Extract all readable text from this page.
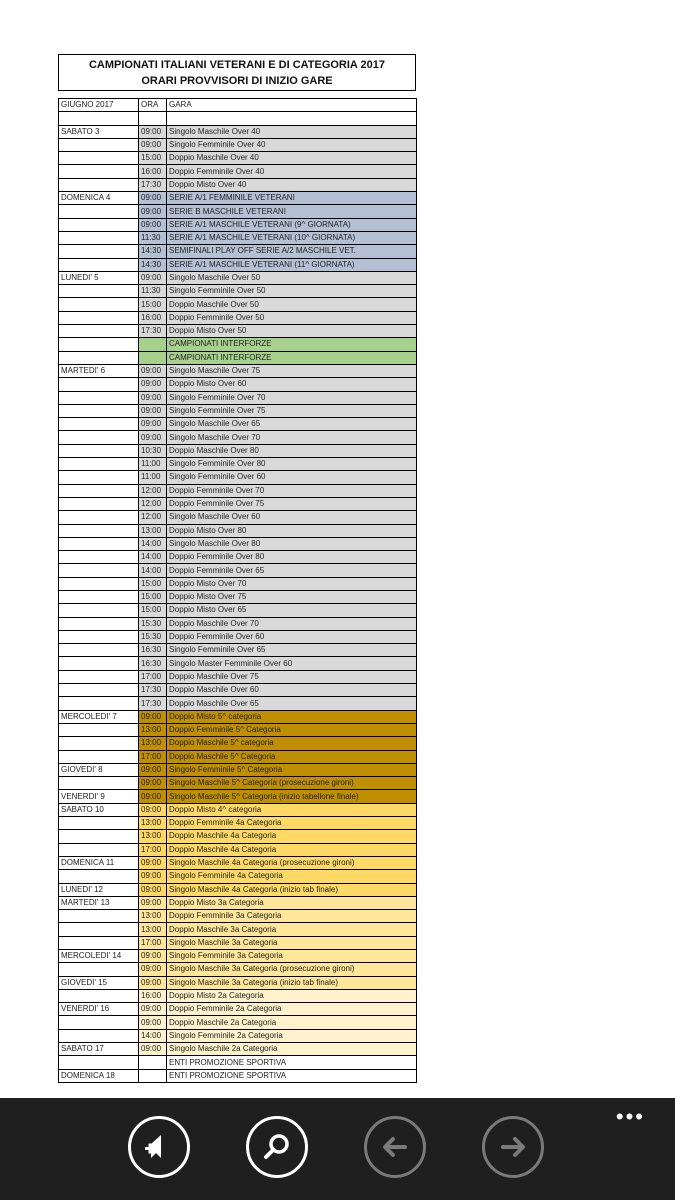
CAMPIONATI ITALIANI VETERANI E DI CATEGORIA 2017
ORARI PROVVISORI DI INIZIO GARE
GIUGNO 2017	ORA	GARA

SABATO 3	09:00	Singolo Maschile Over 40
	09:00	Singolo Femminile Over 40
	15:00	Doppio Maschile Over 40
	16:00	Doppio Femminile Over 40
	17:30	Doppio Misto Over 40
DOMENICA 4	09:00	SERIE A/1 FEMMINILE VETERANI
	09:00	SERIE B MASCHILE VETERANI
	09:00	SERIE A/1 MASCHILE VETERANI (9^ GIORNATA)
	11:30	SERIE A/1 MASCHILE VETERANI (10^ GIORNATA)
	14:30	SEMIFINALI PLAY OFF SERIE A/2 MASCHILE VET.
	14:30	SERIE A/1 MASCHILE VETERANI (11^ GIORNATA)
LUNEDI' 5	09:00	Singolo Maschile Over 50
	11:30	Singolo Femminile Over 50
	15:00	Doppio Maschile Over 50
	16:00	Doppio Femminile Over 50
	17:30	Doppio Misto Over 50
		CAMPIONATI INTERFORZE
		CAMPIONATI INTERFORZE
MARTEDI' 6	09:00	Singolo Maschile Over 75
	09:00	Doppio Misto Over 60
	09:00	Singolo Femminile Over 70
	09:00	Singolo Femminile Over 75
	09:00	Singolo Maschile Over 65
	09:00	Singolo Maschile Over 70
	10:30	Doppio Maschile Over 80
	11:00	Singolo Femminile Over 80
	11:00	Singolo Femminile Over 60
	12:00	Doppio Femminile Over 70
	12:00	Doppio Femminile Over 75
	12:00	Singolo Maschile Over 60
	13:00	Doppio Misto Over 80
	14:00	Singolo Maschile Over 80
	14:00	Doppio Femminile Over 80
	14:00	Doppio Femminile Over 65
	15:00	Doppio Misto Over 70
	15:00	Doppio Misto Over 75
	15:00	Doppio Misto Over 65
	15:30	Doppio Maschile Over 70
	15:30	Doppio Femminile Over 60
	16:30	Singolo Femminile Over 65
	16:30	Singolo Master Femminile Over 60
	17:00	Doppio Maschile Over 75
	17:30	Doppio Maschile Over 60
	17:30	Doppio Maschile Over 65
MERCOLEDI' 7	09:00	Doppio Misto 5^ categoria
	13:00	Doppio Femminile 5^ Categoria
	13:00	Doppio Maschile 5^ categoria
	17:00	Doppio Maschile 5^ Categoria
GIOVEDI' 8	09:00	Singolo Femminile 5^ Categoria
	09:00	Singolo Maschile 5^ Categoria (prosecuzione gironi)
VENERDI' 9	09:00	Singolo Maschile 5^ Categoria (inizio tabellone finale)
SABATO 10	09:00	Doppio Misto 4^ categoria
	13:00	Doppio Femminile 4a Categoria
	13:00	Doppio Maschile 4a Categoria
	17:00	Doppio Maschile 4a Categoria
DOMENICA 11	09:00	Singolo Maschile 4a Categoria (prosecuzione gironi)
	09:00	Singolo Femminile 4a Categoria
LUNEDI' 12	09:00	Singolo Maschile 4a Categoria (inizio tab finale)
MARTEDI' 13	09:00	Doppio Misto 3a Categoria
	13:00	Doppio Femminile 3a Categoria
	13:00	Doppio Maschile 3a Categoria
	17:00	Singolo Maschile 3a Categoria
MERCOLEDI' 14	09:00	Singolo Femminile 3a Categoria
	09:00	Singolo Maschile 3a Categoria (prosecuzione gironi)
GIOVEDI' 15	09:00	Singolo Maschile 3a Categoria (inizio tab finale)
	16:00	Doppio Misto 2a Categoria
VENERDI' 16	09:00	Doppio Femminile 2a Categoria
	09:00	Doppio Maschile 2a Categoria
	14:00	Singolo Femminile 2a Categoria
SABATO 17	09:00	Singolo Maschile 2a Categoria
		ENTI PROMOZIONE SPORTIVA
DOMENICA 18		ENTI PROMOZIONE SPORTIVA
•••
